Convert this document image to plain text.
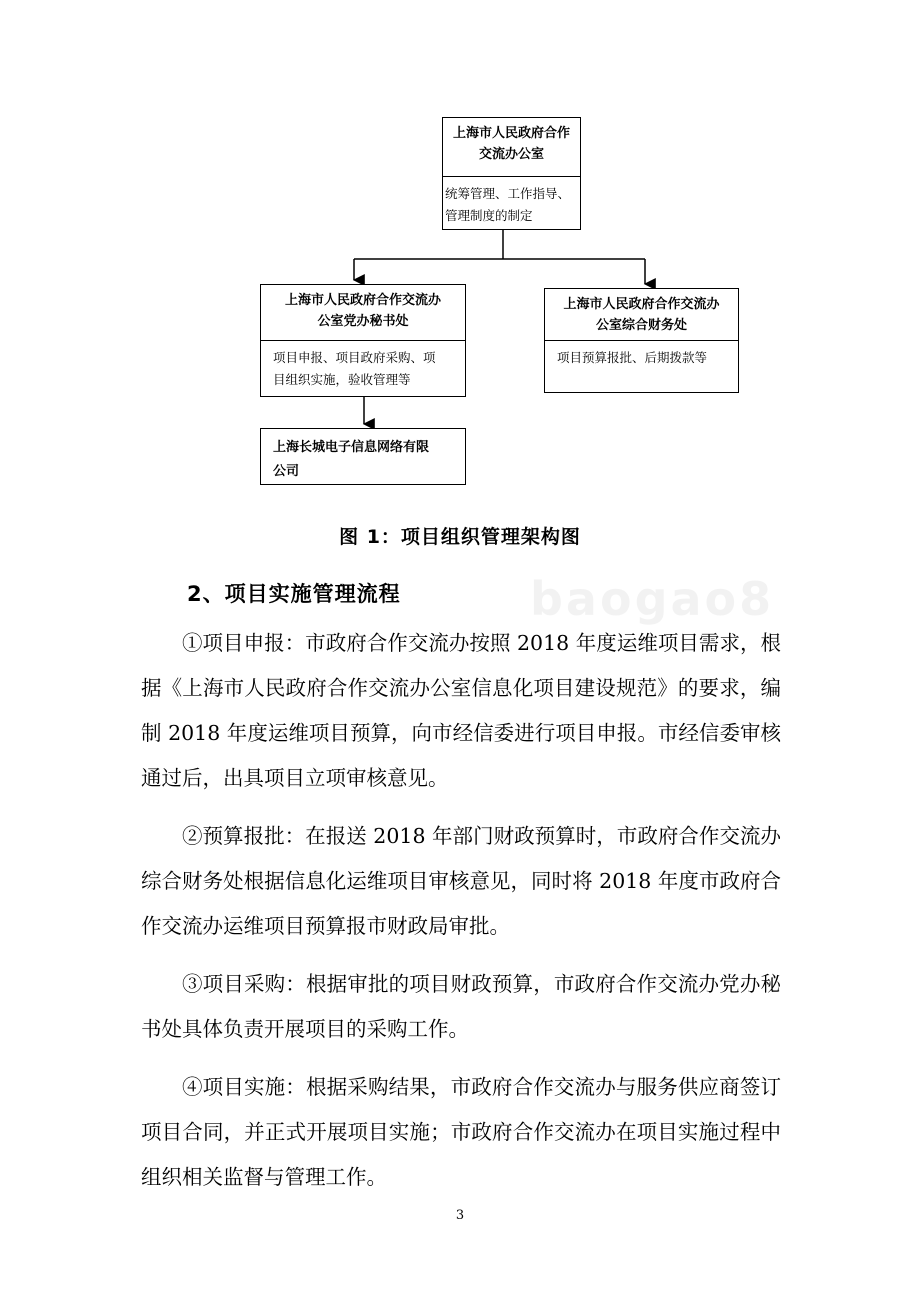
上海市人民政府合作
交流办公室
统筹管理、工作指导、
管理制度的制定
上海市人民政府合作交流办
公室党办秘书处
项目申报、项目政府采购、项
目组织实施，验收管理等
上海市人民政府合作交流办
公室综合财务处
项目预算报批、后期拨款等
上海长城电子信息网络有限
公司
图 1：项目组织管理架构图
baogao8
2、项目实施管理流程

①项目申报：市政府合作交流办按照 2018 年度运维项目需求，根据《上海市人民政府合作交流办公室信息化项目建设规范》的要求，编制 2018 年度运维项目预算，向市经信委进行项目申报。市经信委审核通过后，出具项目立项审核意见。

②预算报批：在报送 2018 年部门财政预算时，市政府合作交流办综合财务处根据信息化运维项目审核意见，同时将 2018 年度市政府合作交流办运维项目预算报市财政局审批。

③项目采购：根据审批的项目财政预算，市政府合作交流办党办秘书处具体负责开展项目的采购工作。

④项目实施：根据采购结果，市政府合作交流办与服务供应商签订项目合同，并正式开展项目实施；市政府合作交流办在项目实施过程中组织相关监督与管理工作。

3
